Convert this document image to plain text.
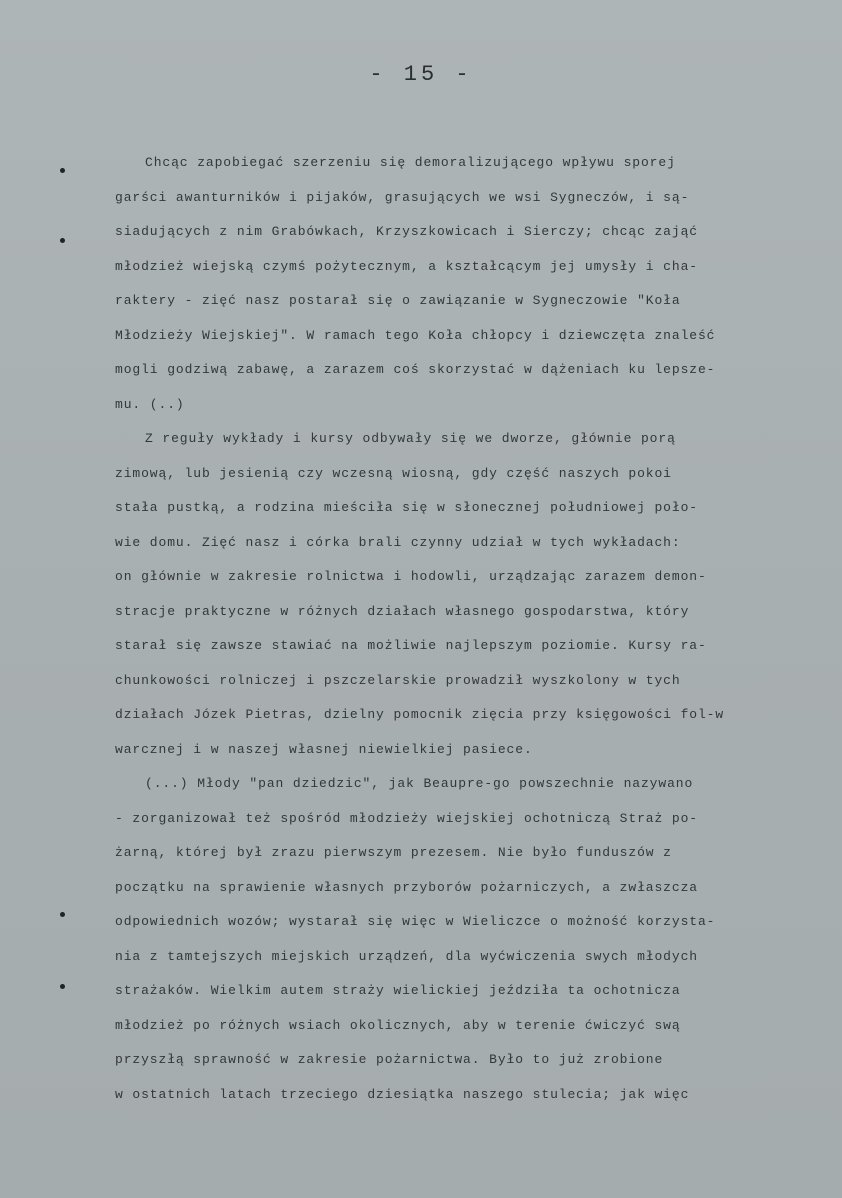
- 15 -
Chcąc zapobiegać szerzeniu się demoralizującego wpływu sporej
garści awanturników i pijaków, grasujących we wsi Sygneczów, i są-
siadujących z nim Grabówkach, Krzyszkowicach i Sierczy; chcąc zająć
młodzież wiejską czymś pożytecznym, a kształcącym jej umysły i cha-
raktery - zięć nasz postarał się o zawiązanie w Sygneczowie "Koła
Młodzieży Wiejskiej". W ramach tego Koła chłopcy i dziewczęta znaleść
mogli godziwą zabawę, a zarazem coś skorzystać w dążeniach ku lepsze-
mu. (..)
Z reguły wykłady i kursy odbywały się we dworze, głównie porą
zimową, lub jesienią czy wczesną wiosną, gdy część naszych pokoi
stała pustką, a rodzina mieściła się w słonecznej południowej poło-
wie domu. Zięć nasz i córka brali czynny udział w tych wykładach:
on głównie w zakresie rolnictwa i hodowli, urządzając zarazem demon-
stracje praktyczne w różnych działach własnego gospodarstwa, który
starał się zawsze stawiać na możliwie najlepszym poziomie. Kursy ra-
chunkowości rolniczej i pszczelarskie prowadził wyszkolony w tych
działach Józek Pietras, dzielny pomocnik zięcia przy księgowości fol-w
warcznej i w naszej własnej niewielkiej pasiece.
(...) Młody "pan dziedzic", jak Beaupre-go powszechnie nazywano
- zorganizował też spośród młodzieży wiejskiej ochotniczą Straż po-
żarną, której był zrazu pierwszym prezesem. Nie było funduszów z
początku na sprawienie własnych przyborów pożarniczych, a zwłaszcza
odpowiednich wozów; wystarał się więc w Wieliczce o możność korzysta-
nia z tamtejszych miejskich urządzeń, dla wyćwiczenia swych młodych
strażaków. Wielkim autem straży wielickiej jeździła ta ochotnicza
młodzież po różnych wsiach okolicznych, aby w terenie ćwiczyć swą
przyszłą sprawność w zakresie pożarnictwa. Było to już zrobione
w ostatnich latach trzeciego dziesiątka naszego stulecia; jak więc
